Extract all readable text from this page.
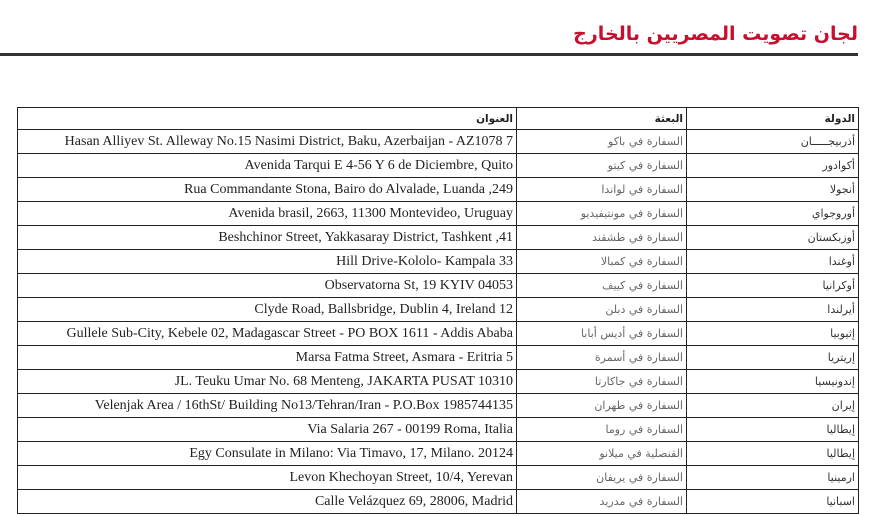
لجان تصويت المصريين بالخارج
الدولة	البعثة	العنوان
أذربيجـــــان	السفارة في باكو	Hasan Alliyev St. Alleway No.15 Nasimi District, Baku, Azerbaijan - AZ1078 7
أكوادور	السفارة في كيتو	Avenida Tarqui E 4-56 Y 6 de Diciembre, Quito
أنجولا	السفارة في لواندا	Rua Commandante Stona, Bairo do Alvalade, Luanda ,249
أوروجواي	السفارة في مونتيفيديو	Avenida brasil, 2663, 11300 Montevideo, Uruguay
أوزبكستان	السفارة في طشقند	Beshchinor Street, Yakkasaray District, Tashkent ,41
أوغندا	السفارة في كمبالا	Hill Drive-Kololo- Kampala 33
أوكرانيا	السفارة في كييف	Observatorna St, 19 KYIV 04053
أيرلندا	السفارة في دبلن	Clyde Road, Ballsbridge, Dublin 4, Ireland 12
إثيوبيا	السفارة في أديس أبابا	Gullele Sub-City, Kebele 02, Madagascar Street - PO BOX 1611 - Addis Ababa
إريتريا	السفارة في أسمرة	Marsa Fatma Street, Asmara - Eritria 5
إندونيسيا	السفارة في جاكارتا	JL. Teuku Umar No. 68 Menteng, JAKARTA PUSAT 10310
إيران	السفارة في طهران	Velenjak Area / 16thSt/ Building No13/Tehran/Iran - P.O.Box 1985744135
إيطاليا	السفارة في روما	Via Salaria 267 - 00199 Roma, Italia
إيطاليا	القنصلية في ميلانو	Egy Consulate in Milano: Via Timavo, 17, Milano. 20124
ارمينيا	السفارة في يريفان	Levon Khechoyan Street, 10/4, Yerevan
اسبانيا	السفارة في مدريد	Calle Velázquez 69, 28006, Madrid
